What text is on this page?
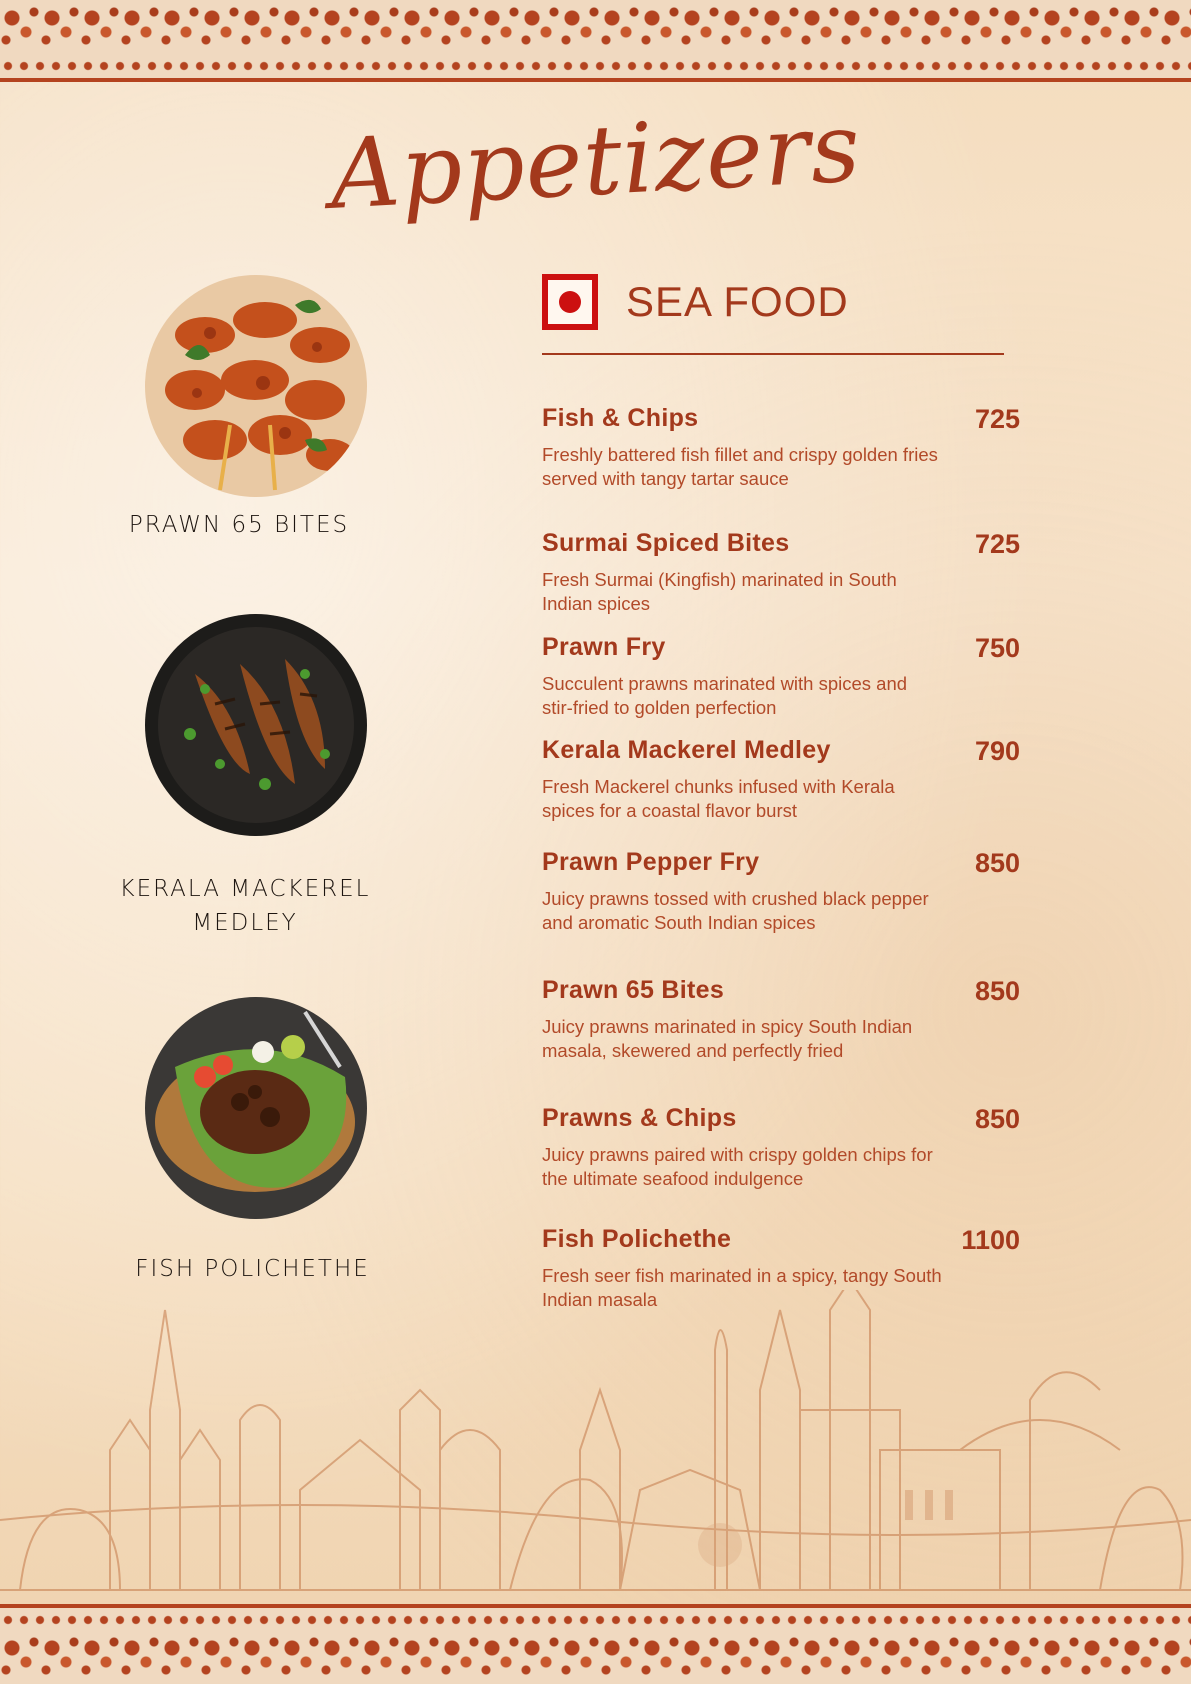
Appetizers
PRAWN 65 BITES
KERALA MACKEREL MEDLEY
FISH POLICHETHE
SEA FOOD
Fish & Chips	725
Freshly battered fish fillet and crispy golden fries served with tangy tartar sauce
Surmai Spiced Bites	725
Fresh Surmai (Kingfish) marinated in South Indian spices
Prawn Fry	750
Succulent prawns marinated with spices and stir-fried to golden perfection
Kerala Mackerel Medley	790
Fresh Mackerel chunks infused with Kerala spices for a coastal flavor burst
Prawn Pepper Fry	850
Juicy prawns tossed with crushed black pepper and aromatic South Indian spices
Prawn 65 Bites	850
Juicy prawns marinated in spicy South Indian masala, skewered and perfectly fried
Prawns & Chips	850
Juicy prawns paired with crispy golden chips for the ultimate seafood indulgence
Fish Polichethe	1100
Fresh seer fish marinated in a spicy, tangy South Indian masala
